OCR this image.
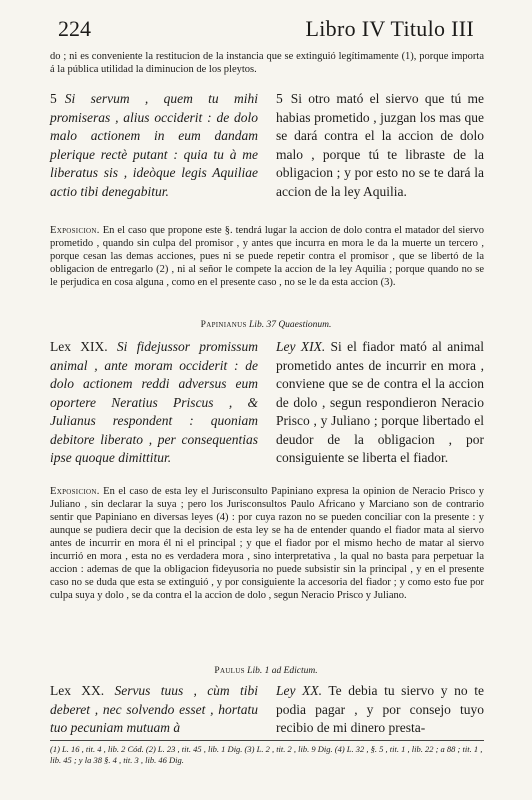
224	Libro IV Titulo III

do ; ni es conveniente la restitucion de la instancia que se extinguió legítimamente (1), porque importa á la pública utilidad la diminucion de los pleytos.

5 Si servum , quem tu mihi promiseras , alius occiderit : de dolo malo actionem in eum dandam plerique rectè putant : quia tu à me liberatus sis , ideòque legis Aquiliae actio tibi denegabitur.
5 Si otro mató el siervo que tú me habias prometido , juzgan los mas que se dará contra el la accion de dolo malo , porque tú te libraste de la obligacion ; y por esto no se te dará la accion de la ley Aquilia.

Exposicion. En el caso que propone este §. tendrá lugar la accion de dolo contra el matador del siervo prometido , quando sin culpa del promisor , y antes que incurra en mora le da la muerte un tercero , porque cesan las demas acciones, pues ni se puede repetir contra el promisor , que se libertó de la obligacion de entregarlo (2) , ni al señor le compete la accion de la ley Aquilia ; porque quando no se le perjudica en cosa alguna , como en el presente caso , no se le da esta accion (3).

Papinianus Lib. 37 Quaestionum.
Lex XIX. Si fidejussor promissum animal , ante moram occiderit : de dolo actionem reddi adversus eum oportere Neratius Priscus , & Julianus respondent : quoniam debitore liberato , per consequentias ipse quoque dimittitur.
Ley XIX. Si el fiador mató al animal prometido antes de incurrir en mora , conviene que se de contra el la accion de dolo , segun respondieron Neracio Prisco , y Juliano ; porque libertado el deudor de la obligacion , por consiguiente se liberta el fiador.

Exposicion. En el caso de esta ley el Jurisconsulto Papiniano expresa la opinion de Neracio Prisco y Juliano , sin declarar la suya ; pero los Jurisconsultos Paulo Africano y Marciano son de contrario sentir que Papiniano en diversas leyes (4) : por cuya razon no se pueden conciliar con la presente : y aunque se pudiera decir que la decision de esta ley se ha de entender quando el fiador mata al siervo antes de incurrir en mora él ni el principal ; y que el fiador por el mismo hecho de matar al siervo incurrió en mora , esta no es verdadera mora , sino interpretativa , la qual no basta para perpetuar la accion : ademas de que la obligacion fideyusoria no puede subsistir sin la principal , y en el presente caso no se duda que esta se extinguió , y por consiguiente la accesoria del fiador ; y como esto fue por culpa suya y dolo , se da contra el la accion de dolo , segun Neracio Prisco y Juliano.

Paulus Lib. 1 ad Edictum.
Lex XX. Servus tuus , cùm tibi deberet , nec solvendo esset , hortatu tuo pecuniam mutuam à
Ley XX. Te debia tu siervo y no te podia pagar , y por consejo tuyo recibio de mi dinero presta-

(1) L. 16 , tit. 4 , lib. 2 Cód. (2) L. 23 , tit. 45 , lib. 1 Dig. (3) L. 2 , tit. 2 , lib. 9 Dig. (4) L. 32 , §. 5 , tit. 1 , lib. 22 ; a 88 ; tit. 1 , lib. 45 ; y la 38 §. 4 , tit. 3 , lib. 46 Dig.
